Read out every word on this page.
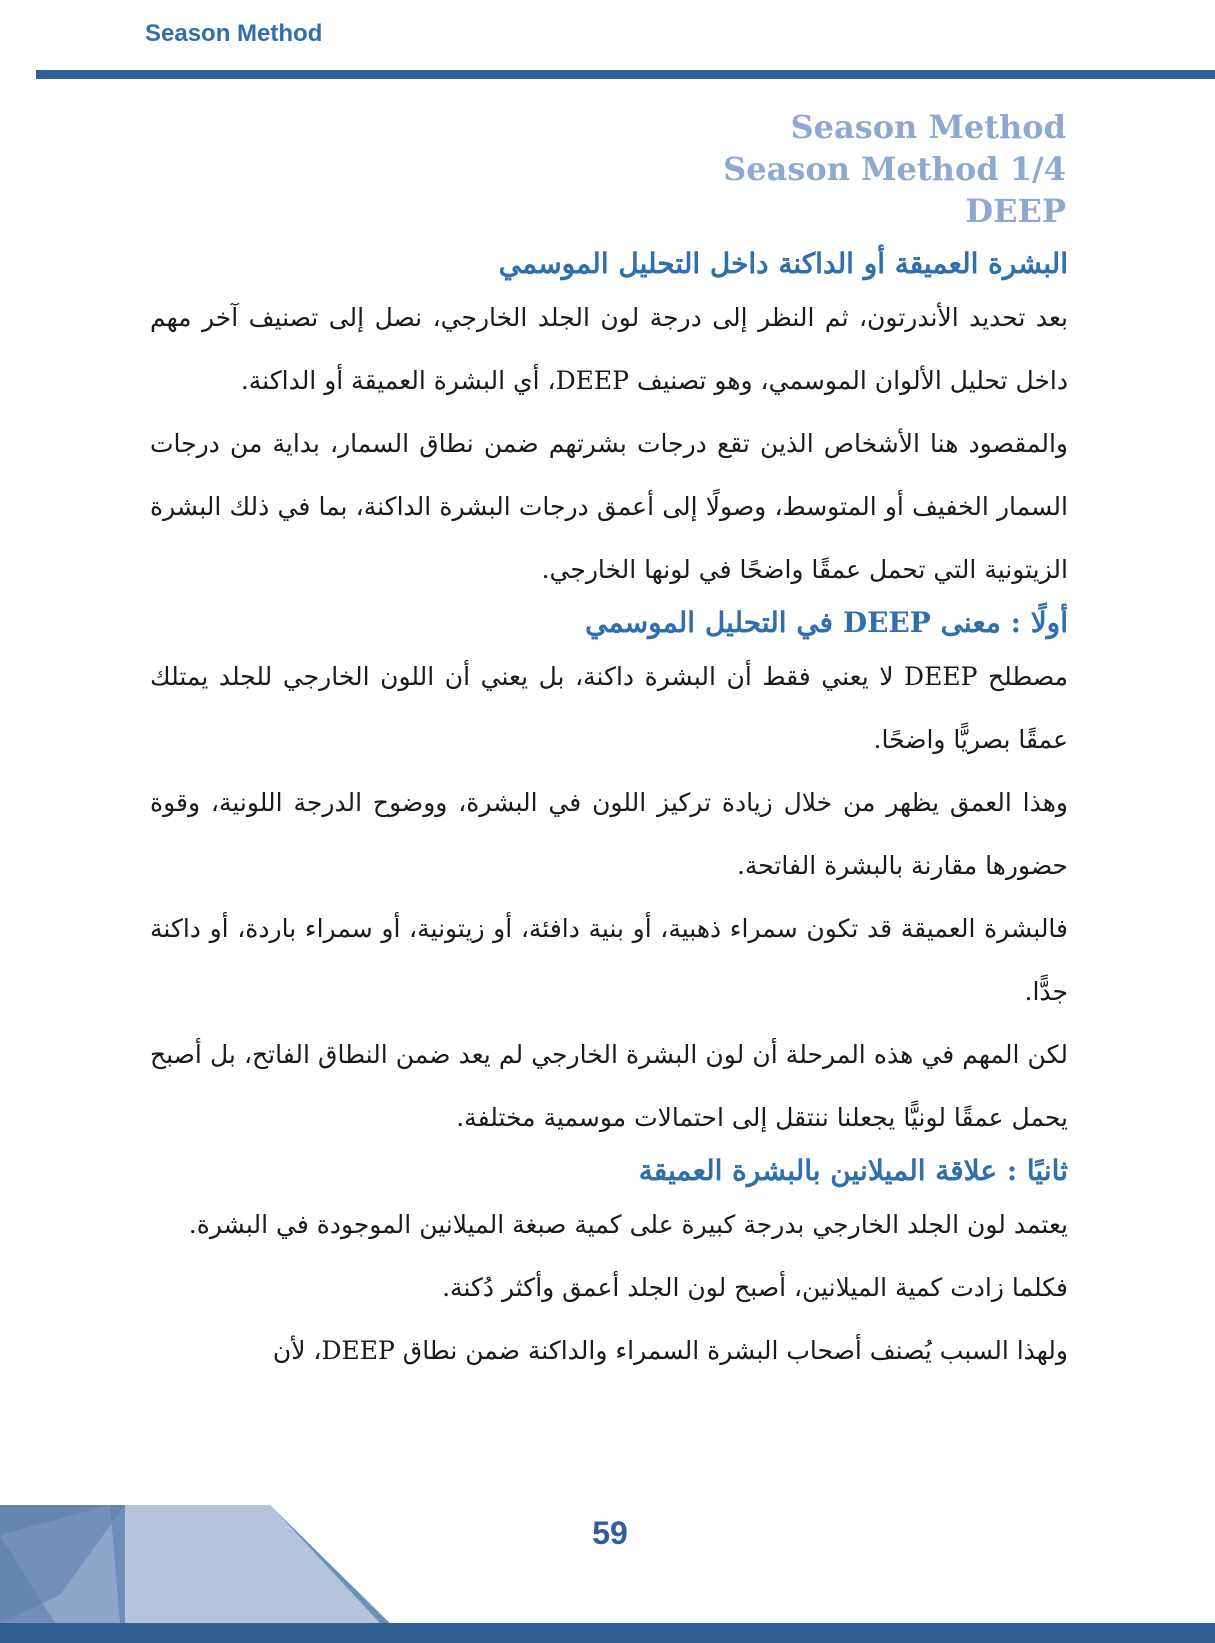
Season Method
Season Method
Season Method 1/4
DEEP
البشرة العميقة أو الداكنة داخل التحليل الموسمي

بعد تحديد الأندرتون، ثم النظر إلى درجة لون الجلد الخارجي، نصل إلى تصنيف آخر مهم داخل تحليل الألوان الموسمي، وهو تصنيف DEEP، أي البشرة العميقة أو الداكنة.

والمقصود هنا الأشخاص الذين تقع درجات بشرتهم ضمن نطاق السمار، بداية من درجات السمار الخفيف أو المتوسط، وصولًا إلى أعمق درجات البشرة الداكنة، بما في ذلك البشرة الزيتونية التي تحمل عمقًا واضحًا في لونها الخارجي.

أولًا : معنى DEEP في التحليل الموسمي

مصطلح DEEP لا يعني فقط أن البشرة داكنة، بل يعني أن اللون الخارجي للجلد يمتلك عمقًا بصريًّا واضحًا.

وهذا العمق يظهر من خلال زيادة تركيز اللون في البشرة، ووضوح الدرجة اللونية، وقوة حضورها مقارنة بالبشرة الفاتحة.

فالبشرة العميقة قد تكون سمراء ذهبية، أو بنية دافئة، أو زيتونية، أو سمراء باردة، أو داكنة جدًّا.

لكن المهم في هذه المرحلة أن لون البشرة الخارجي لم يعد ضمن النطاق الفاتح، بل أصبح يحمل عمقًا لونيًّا يجعلنا ننتقل إلى احتمالات موسمية مختلفة.

ثانيًا : علاقة الميلانين بالبشرة العميقة

يعتمد لون الجلد الخارجي بدرجة كبيرة على كمية صبغة الميلانين الموجودة في البشرة.

فكلما زادت كمية الميلانين، أصبح لون الجلد أعمق وأكثر دُكنة.

ولهذا السبب يُصنف أصحاب البشرة السمراء والداكنة ضمن نطاق DEEP، لأن

59
